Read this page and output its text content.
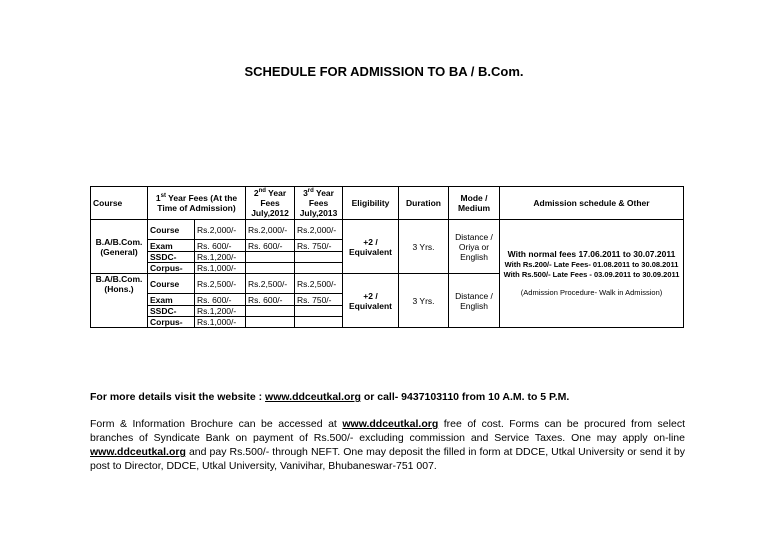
SCHEDULE FOR ADMISSION TO BA / B.Com.
Course	1st Year Fees (At the Time of Admission)		2nd Year Fees July,2012	3rd Year Fees July,2013	Eligibility	Duration	Mode / Medium	Admission schedule & Other
B.A/B.Com. (General)	Course	Rs.2,000/-	Rs.2,000/-	Rs.2,000/-	+2 / Equivalent	3 Yrs.	Distance / Oriya or English	With normal fees 17.06.2011 to 30.07.2011
With Rs.200/- Late Fees- 01.08.2011 to 30.08.2011
With Rs.500/- Late Fees - 03.09.2011 to 30.09.2011
(Admission Procedure- Walk in Admission)

	Exam	Rs. 600/-	Rs. 600/-	Rs. 750/-				
	SSDC-	Rs.1,200/-						
	Corpus-	Rs.1,000/-						
B.A/B.Com. (Hons.)	Course	Rs.2,500/-	Rs.2,500/-	Rs.2,500/-	+2 / Equivalent	3 Yrs.	Distance / English	
	Exam	Rs. 600/-	Rs. 600/-	Rs. 750/-				
	SSDC-	Rs.1,200/-						
	Corpus-	Rs.1,000/-						
For more details visit the website : www.ddceutkal.org or call- 9437103110 from 10 A.M. to 5 P.M.
Form & Information Brochure can be accessed at www.ddceutkal.org free of cost. Forms can be procured from select branches of Syndicate Bank on payment of Rs.500/- excluding commission and Service Taxes. One may apply on-line www.ddceutkal.org and pay Rs.500/- through NEFT. One may deposit the filled in form at DDCE, Utkal University or send it by post to Director, DDCE, Utkal University, Vanivihar, Bhubaneswar-751 007.
